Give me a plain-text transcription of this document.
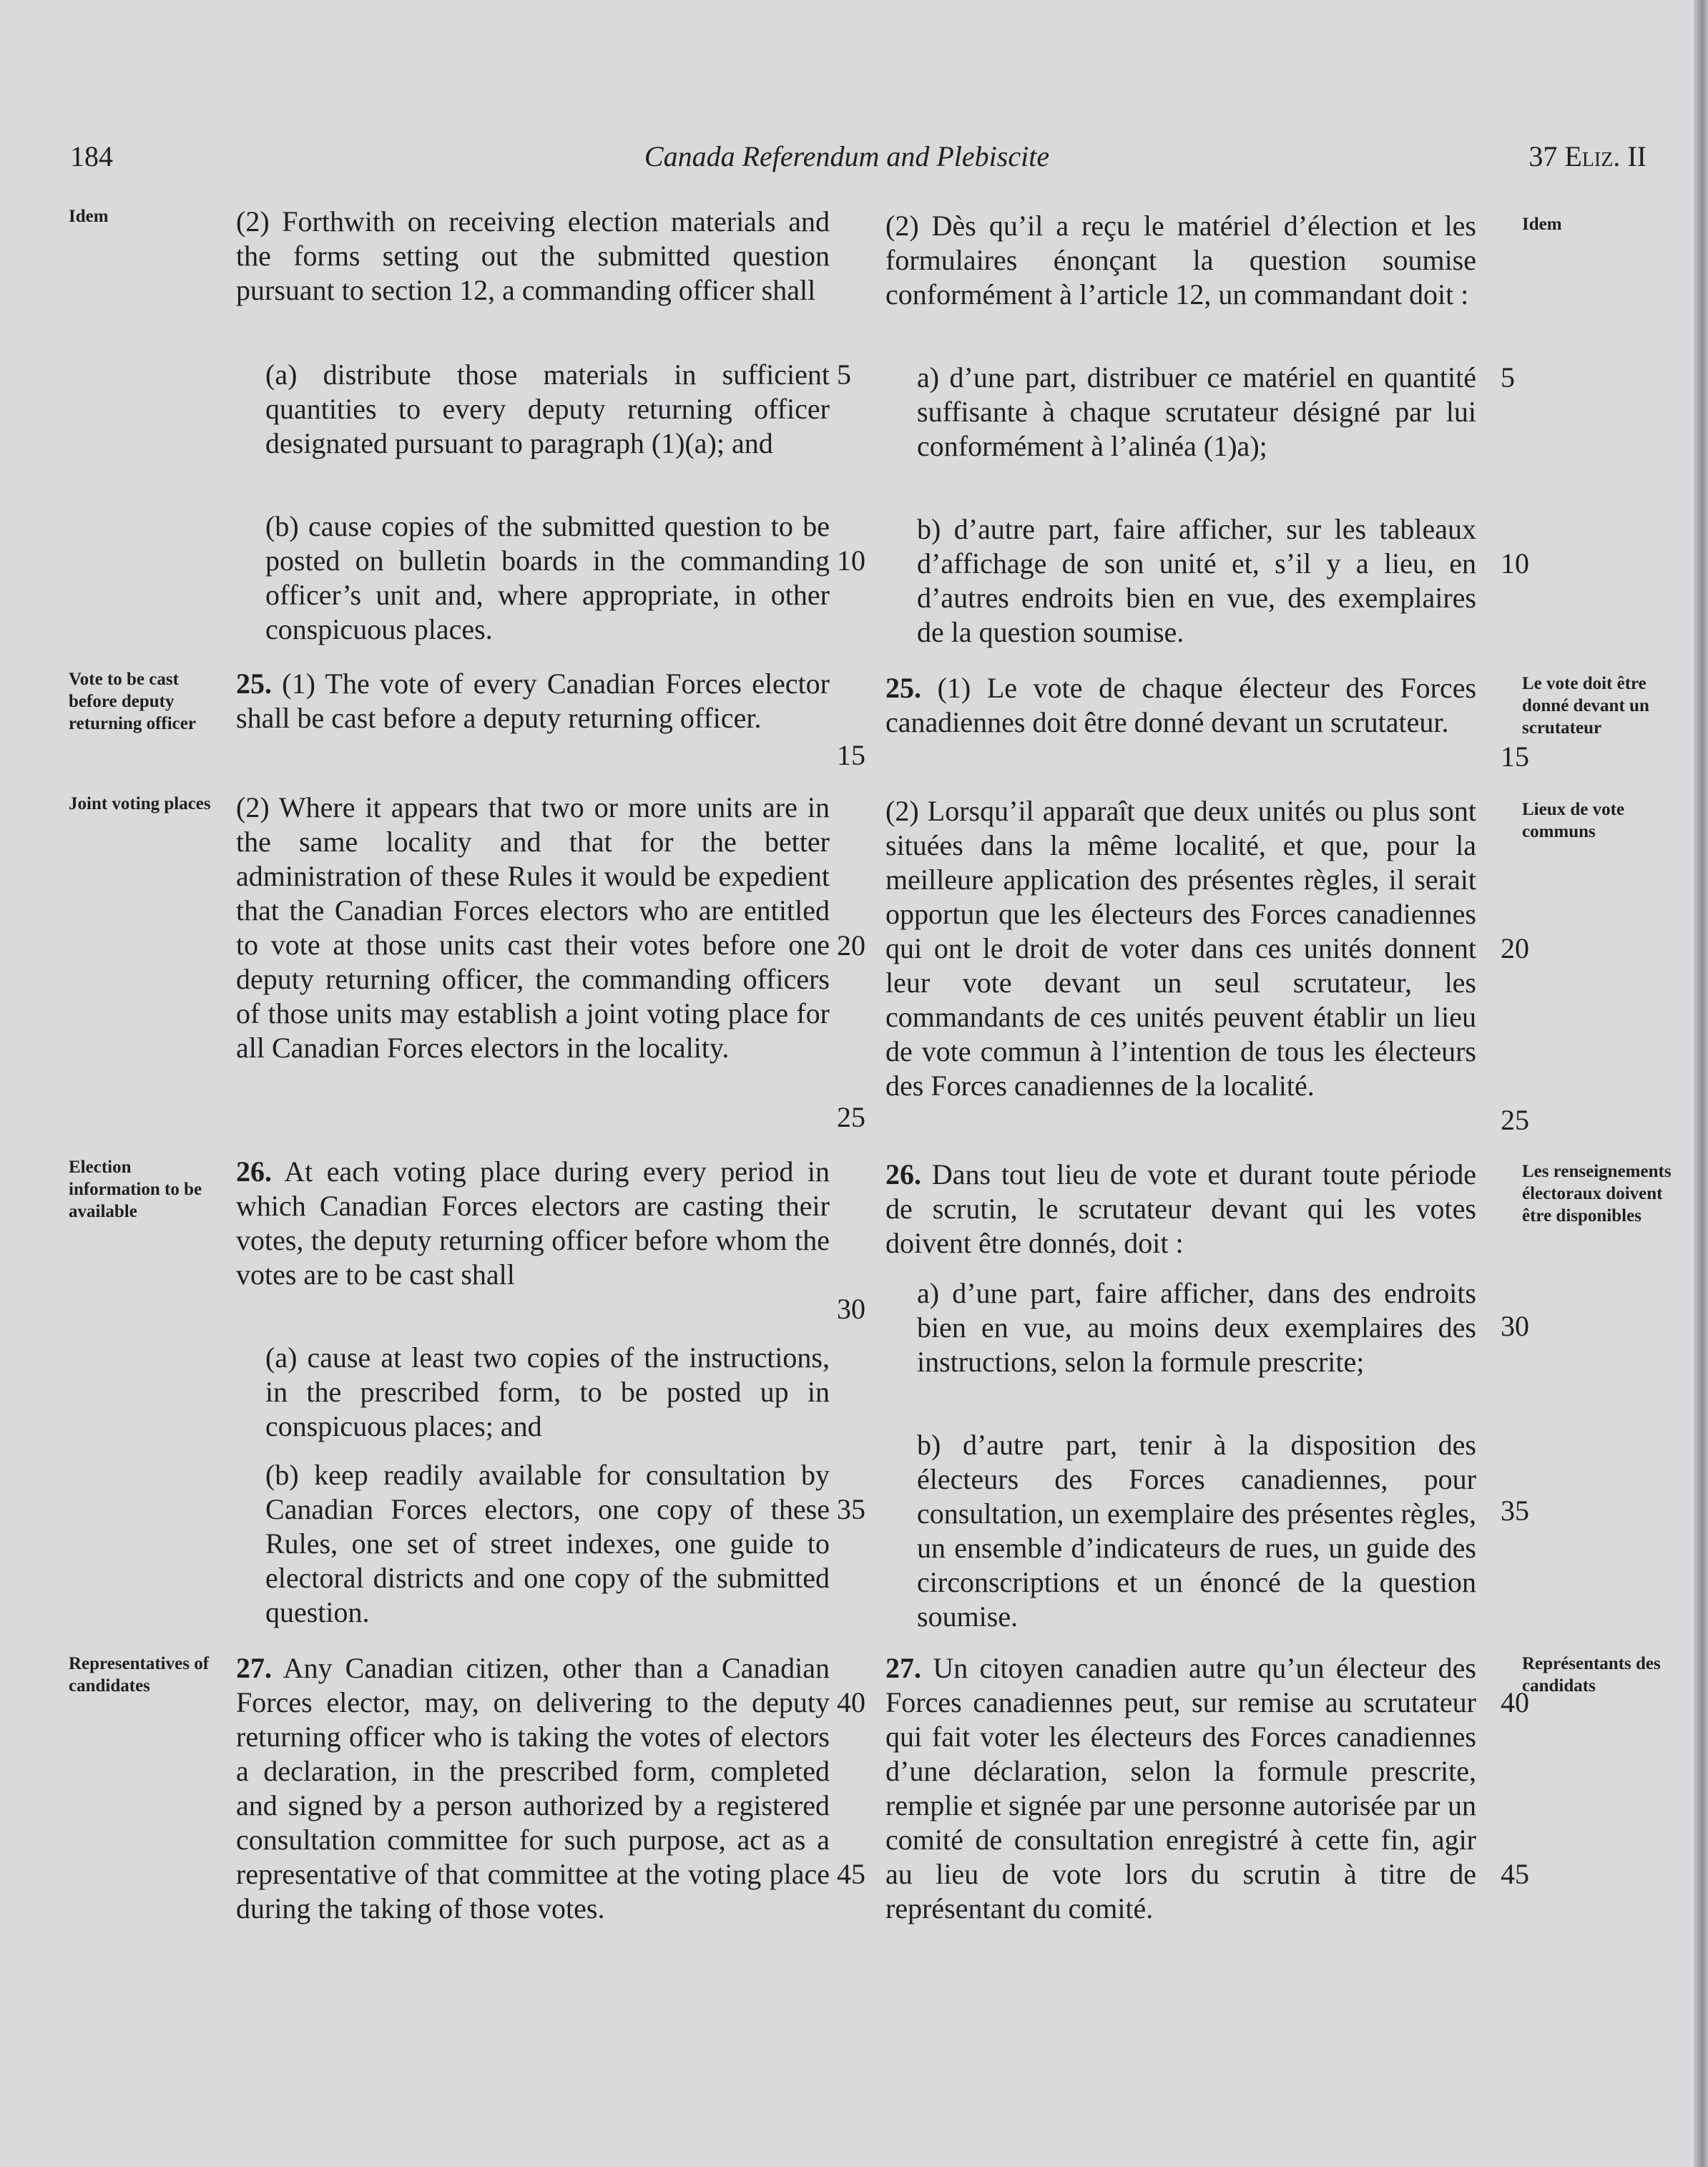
184	Canada Referendum and Plebiscite	37 Eliz. II
Idem
Vote to be cast before deputy returning officer
Joint voting places
Election information to be available
Representatives of candidates
Idem
Le vote doit être donné devant un scrutateur
Lieux de vote communs
Les renseignements électoraux doivent être disponibles
Représentants des candidats
(2) Forthwith on receiving election materials and the forms setting out the submitted question pursuant to section 12, a commanding officer shall
(a) distribute those materials in sufficient quantities to every deputy returning officer designated pursuant to paragraph (1)(a); and
(b) cause copies of the submitted question to be posted on bulletin boards in the commanding officer’s unit and, where appropriate, in other conspicuous places.
25. (1) The vote of every Canadian Forces elector shall be cast before a deputy returning officer.
(2) Where it appears that two or more units are in the same locality and that for the better administration of these Rules it would be expedient that the Canadian Forces electors who are entitled to vote at those units cast their votes before one deputy returning officer, the commanding officers of those units may establish a joint voting place for all Canadian Forces electors in the locality.
26. At each voting place during every period in which Canadian Forces electors are casting their votes, the deputy returning officer before whom the votes are to be cast shall
(a) cause at least two copies of the instructions, in the prescribed form, to be posted up in conspicuous places; and
(b) keep readily available for consultation by Canadian Forces electors, one copy of these Rules, one set of street indexes, one guide to electoral districts and one copy of the submitted question.
27. Any Canadian citizen, other than a Canadian Forces elector, may, on delivering to the deputy returning officer who is taking the votes of electors a declaration, in the prescribed form, completed and signed by a person authorized by a registered consultation committee for such purpose, act as a representative of that committee at the voting place during the taking of those votes.
(2) Dès qu’il a reçu le matériel d’élection et les formulaires énonçant la question soumise conformément à l’article 12, un commandant doit :
a) d’une part, distribuer ce matériel en quantité suffisante à chaque scrutateur désigné par lui conformément à l’alinéa (1)a);
b) d’autre part, faire afficher, sur les tableaux d’affichage de son unité et, s’il y a lieu, en d’autres endroits bien en vue, des exemplaires de la question soumise.
25. (1) Le vote de chaque électeur des Forces canadiennes doit être donné devant un scrutateur.
(2) Lorsqu’il apparaît que deux unités ou plus sont situées dans la même localité, et que, pour la meilleure application des présentes règles, il serait opportun que les électeurs des Forces canadiennes qui ont le droit de voter dans ces unités donnent leur vote devant un seul scrutateur, les commandants de ces unités peuvent établir un lieu de vote commun à l’intention de tous les électeurs des Forces canadiennes de la localité.
26. Dans tout lieu de vote et durant toute période de scrutin, le scrutateur devant qui les votes doivent être donnés, doit :
a) d’une part, faire afficher, dans des endroits bien en vue, au moins deux exemplaires des instructions, selon la formule prescrite;
b) d’autre part, tenir à la disposition des électeurs des Forces canadiennes, pour consultation, un exemplaire des présentes règles, un ensemble d’indicateurs de rues, un guide des circonscriptions et un énoncé de la question soumise.
27. Un citoyen canadien autre qu’un électeur des Forces canadiennes peut, sur remise au scrutateur qui fait voter les électeurs des Forces canadiennes d’une déclaration, selon la formule prescrite, remplie et signée par une personne autorisée par un comité de consultation enregistré à cette fin, agir au lieu de vote lors du scrutin à titre de représentant du comité.
5
10
15
20
25
30
35
40
45
5
10
15
20
25
30
35
40
45
